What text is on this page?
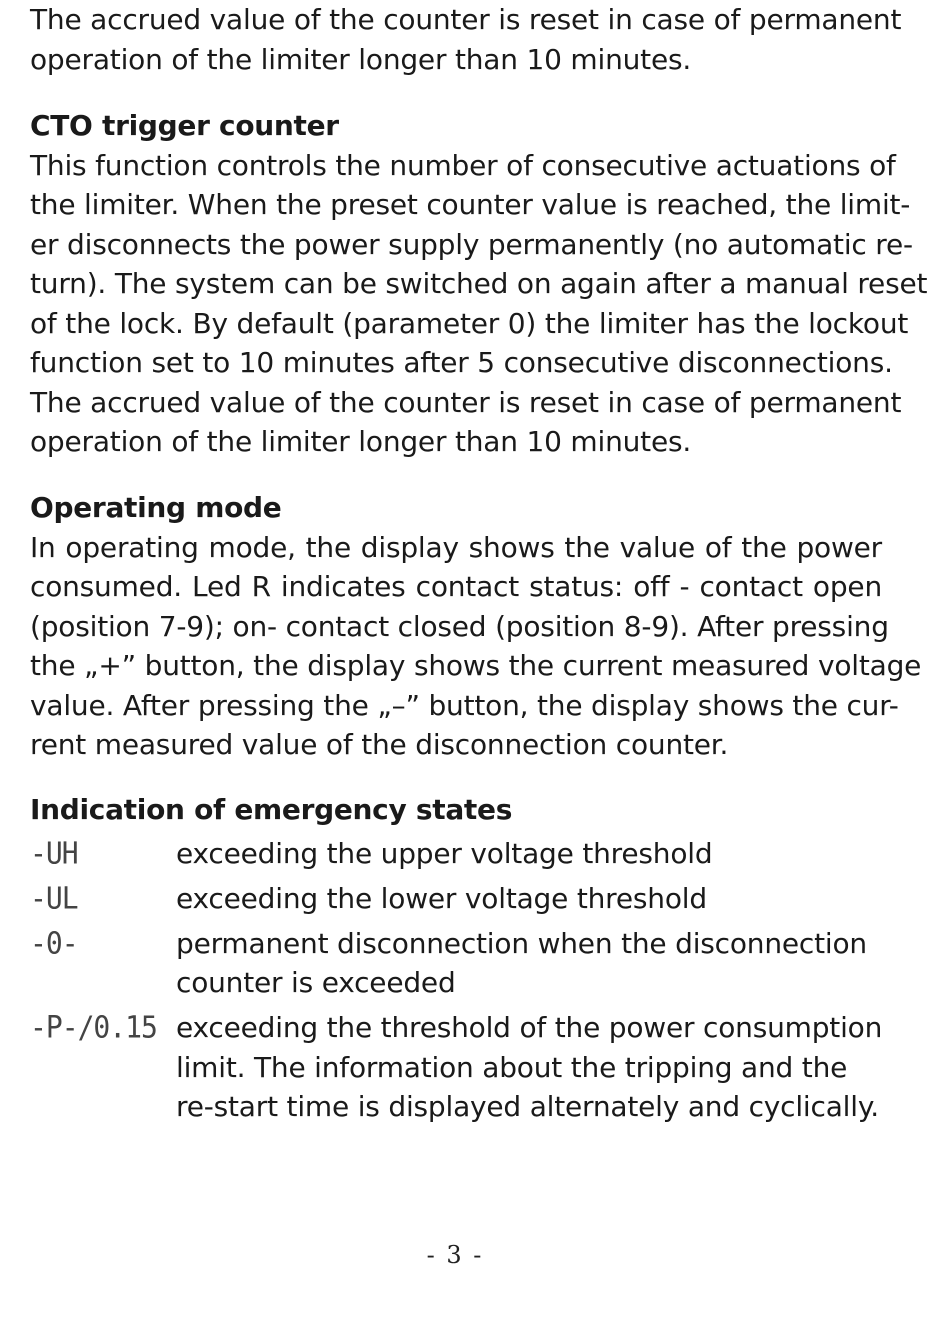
The accrued value of the counter is reset in case of permanent
operation of the limiter longer than 10 minutes.

CTO trigger counter

This function controls the number of consecutive actuations of
the limiter. When the preset counter value is reached, the limit-
er disconnects the power supply permanently (no automatic re-
turn). The system can be switched on again after a manual reset
of the lock. By default (parameter 0) the limiter has the lockout
function set to 10 minutes after 5 consecutive disconnections.
The accrued value of the counter is reset in case of permanent
operation of the limiter longer than 10 minutes.

Operating mode

In operating mode, the display shows the value of the power
consumed. Led R indicates contact status: off - contact open
(position 7-9); on- contact closed (position 8-9). After pressing
the „+” button, the display shows the current measured voltage
value. After pressing the „–” button, the display shows the cur-
rent measured value of the disconnection counter.

Indication of emergency states
-UH	exceeding the upper voltage threshold
-UL	exceeding the lower voltage threshold
-0-	permanent disconnection when the disconnection
counter is exceeded
-P-/0.15 exceeding the threshold of the power consumption
limit. The information about the tripping and the
re-start time is displayed alternately and cyclically.
- 3 -
